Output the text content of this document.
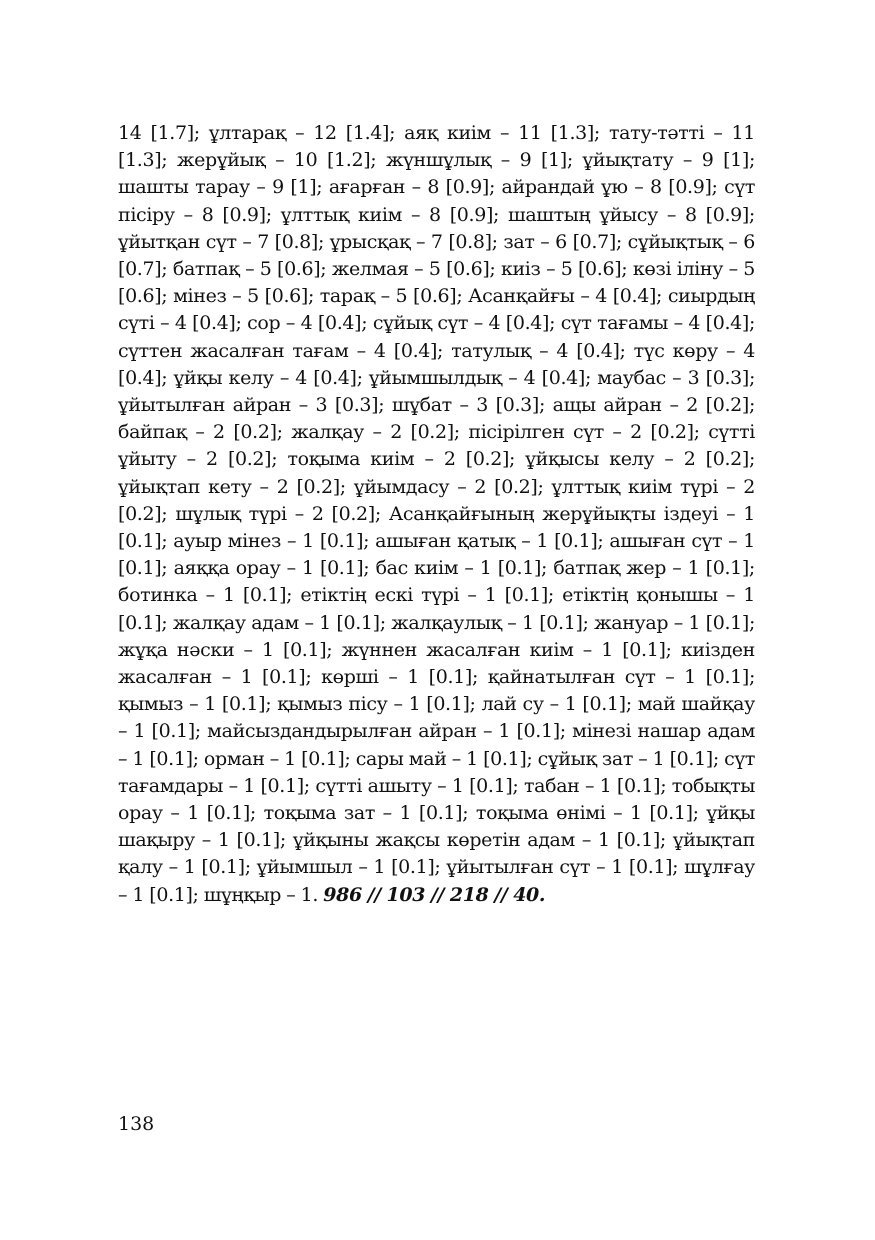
14 [1.7]; ұлтарақ – 12 [1.4]; аяқ киім – 11 [1.3]; тату-тәтті – 11 [1.3]; жерұйық – 10 [1.2]; жүншұлық – 9 [1]; ұйықтату – 9 [1]; шашты тарау – 9 [1]; ағарған – 8 [0.9]; айрандай ұю – 8 [0.9]; сүт пісіру – 8 [0.9]; ұлттық киім – 8 [0.9]; шаштың ұйысу – 8 [0.9]; ұйытқан сүт – 7 [0.8]; ұрысқақ – 7 [0.8]; зат – 6 [0.7]; сұйықтық – 6 [0.7]; батпақ – 5 [0.6]; желмая – 5 [0.6]; киіз – 5 [0.6]; көзі іліну – 5 [0.6]; мінез – 5 [0.6]; тарақ – 5 [0.6]; Асанқайғы – 4 [0.4]; сиырдың сүті – 4 [0.4]; сор – 4 [0.4]; сұйық сүт – 4 [0.4]; сүт тағамы – 4 [0.4]; сүттен жасалған тағам – 4 [0.4]; татулық – 4 [0.4]; түс көру – 4 [0.4]; ұйқы келу – 4 [0.4]; ұйымшылдық – 4 [0.4]; маубас – 3 [0.3]; ұйытылған айран – 3 [0.3]; шұбат – 3 [0.3]; ащы айран – 2 [0.2]; байпақ – 2 [0.2]; жалқау – 2 [0.2]; пісірілген сүт – 2 [0.2]; сүтті ұйыту – 2 [0.2]; тоқыма киім – 2 [0.2]; ұйқысы келу – 2 [0.2]; ұйықтап кету – 2 [0.2]; ұйымдасу – 2 [0.2]; ұлттық киім түрі – 2 [0.2]; шұлық түрі – 2 [0.2]; Асанқайғының жерұйықты іздеуі – 1 [0.1]; ауыр мінез – 1 [0.1]; ашыған қатық – 1 [0.1]; ашыған сүт – 1 [0.1]; аяққа орау – 1 [0.1]; бас киім – 1 [0.1]; батпақ жер – 1 [0.1]; ботинка – 1 [0.1]; етіктің ескі түрі – 1 [0.1]; етіктің қонышы – 1 [0.1]; жалқау адам – 1 [0.1]; жалқаулық – 1 [0.1]; жануар – 1 [0.1]; жұқа нәски – 1 [0.1]; жүннен жасалған киім – 1 [0.1]; киізден жасалған – 1 [0.1]; көрші – 1 [0.1]; қайнатылған сүт – 1 [0.1]; қымыз – 1 [0.1]; қымыз пісу – 1 [0.1]; лай су – 1 [0.1]; май шайқау – 1 [0.1]; майсыздандырылған айран – 1 [0.1]; мінезі нашар адам – 1 [0.1]; орман – 1 [0.1]; сары май – 1 [0.1]; сұйық зат – 1 [0.1]; сүт тағамдары – 1 [0.1]; сүтті ашыту – 1 [0.1]; табан – 1 [0.1]; тобықты орау – 1 [0.1]; тоқыма зат – 1 [0.1]; тоқыма өнімі – 1 [0.1]; ұйқы шақыру – 1 [0.1]; ұйқыны жақсы көретін адам – 1 [0.1]; ұйықтап қалу – 1 [0.1]; ұйымшыл – 1 [0.1]; ұйытылған сүт – 1 [0.1]; шұлғау – 1 [0.1]; шұңқыр – 1. 986 // 103 // 218 // 40.

138
